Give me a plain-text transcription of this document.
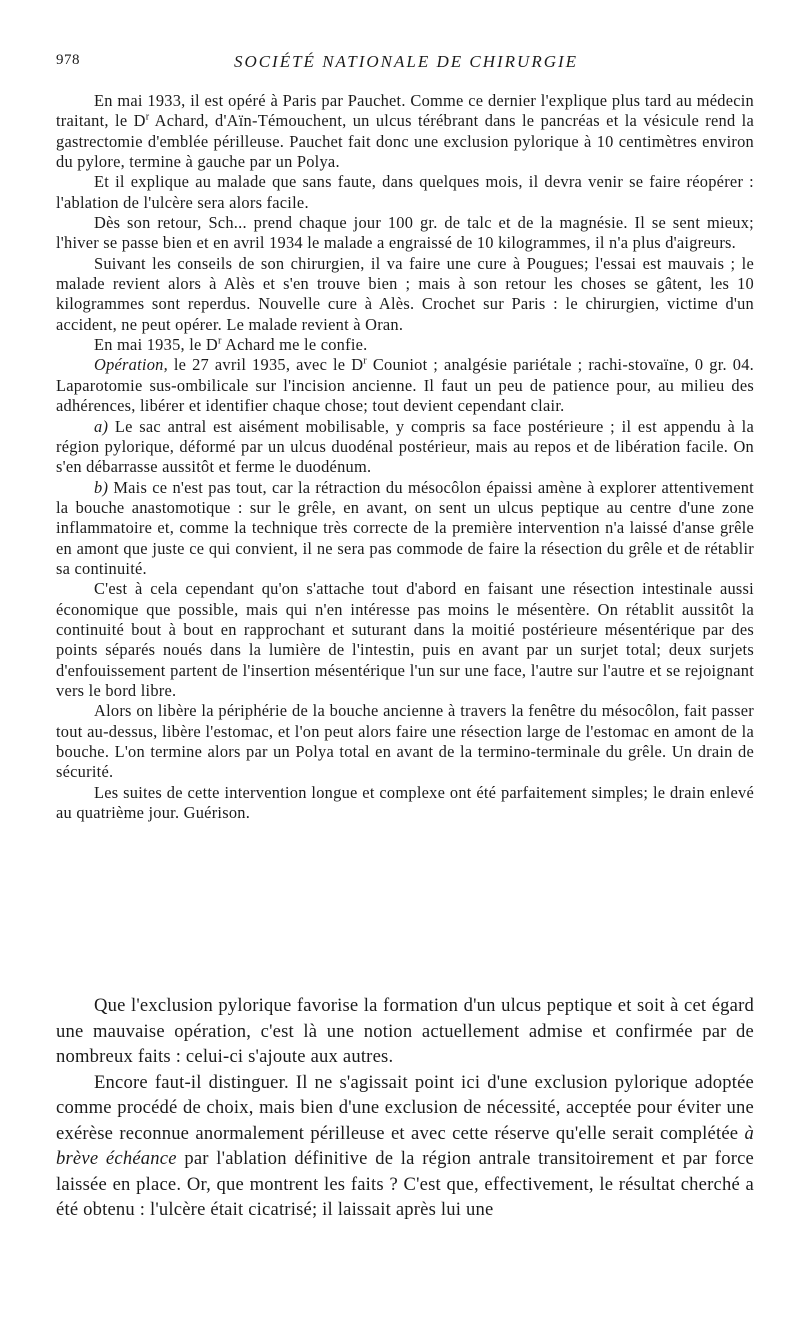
978	SOCIÉTÉ NATIONALE DE CHIRURGIE

En mai 1933, il est opéré à Paris par Pauchet. Comme ce dernier l'explique plus tard au médecin traitant, le $D^r$ Achard, d'Aïn-Témouchent, un ulcus térébrant dans le pancréas et la vésicule rend la gastrectomie d'emblée périlleuse. Pauchet fait donc une exclusion pylorique à 10 centimètres environ du pylore, termine à gauche par un Polya.

Et il explique au malade que sans faute, dans quelques mois, il devra venir se faire réopérer : l'ablation de l'ulcère sera alors facile.

Dès son retour, Sch... prend chaque jour 100 gr. de talc et de la magnésie. Il se sent mieux; l'hiver se passe bien et en avril 1934 le malade a engraissé de 10 kilogrammes, il n'a plus d'aigreurs.

Suivant les conseils de son chirurgien, il va faire une cure à Pougues; l'essai est mauvais ; le malade revient alors à Alès et s'en trouve bien ; mais à son retour les choses se gâtent, les 10 kilogrammes sont reperdus. Nouvelle cure à Alès. Crochet sur Paris : le chirurgien, victime d'un accident, ne peut opérer. Le malade revient à Oran.

En mai 1935, le $D^r$ Achard me le confie.

Opération, le 27 avril 1935, avec le $D^r$ Couniot ; analgésie pariétale ; rachi-stovaïne, 0 gr. 04. Laparotomie sus-ombilicale sur l'incision ancienne. Il faut un peu de patience pour, au milieu des adhérences, libérer et identifier chaque chose; tout devient cependant clair.

a) Le sac antral est aisément mobilisable, y compris sa face postérieure ; il est appendu à la région pylorique, déformé par un ulcus duodénal postérieur, mais au repos et de libération facile. On s'en débarrasse aussitôt et ferme le duodénum.

b) Mais ce n'est pas tout, car la rétraction du mésocôlon épaissi amène à explorer attentivement la bouche anastomotique : sur le grêle, en avant, on sent un ulcus peptique au centre d'une zone inflammatoire et, comme la technique très correcte de la première intervention n'a laissé d'anse grêle en amont que juste ce qui convient, il ne sera pas commode de faire la résection du grêle et de rétablir sa continuité.

C'est à cela cependant qu'on s'attache tout d'abord en faisant une résection intestinale aussi économique que possible, mais qui n'en intéresse pas moins le mésentère. On rétablit aussitôt la continuité bout à bout en rapprochant et suturant dans la moitié postérieure mésentérique par des points séparés noués dans la lumière de l'intestin, puis en avant par un surjet total; deux surjets d'enfouissement partent de l'insertion mésentérique l'un sur une face, l'autre sur l'autre et se rejoignant vers le bord libre.

Alors on libère la périphérie de la bouche ancienne à travers la fenêtre du mésocôlon, fait passer tout au-dessus, libère l'estomac, et l'on peut alors faire une résection large de l'estomac en amont de la bouche. L'on termine alors par un Polya total en avant de la termino-terminale du grêle. Un drain de sécurité.

Les suites de cette intervention longue et complexe ont été parfaitement simples; le drain enlevé au quatrième jour. Guérison.

Que l'exclusion pylorique favorise la formation d'un ulcus peptique et soit à cet égard une mauvaise opération, c'est là une notion actuellement admise et confirmée par de nombreux faits : celui-ci s'ajoute aux autres.

Encore faut-il distinguer. Il ne s'agissait point ici d'une exclusion pylorique adoptée comme procédé de choix, mais bien d'une exclusion de nécessité, acceptée pour éviter une exérèse reconnue anormalement périlleuse et avec cette réserve qu'elle serait complétée à brève échéance par l'ablation définitive de la région antrale transitoirement et par force laissée en place. Or, que montrent les faits ? C'est que, effectivement, le résultat cherché a été obtenu : l'ulcère était cicatrisé; il laissait après lui une
